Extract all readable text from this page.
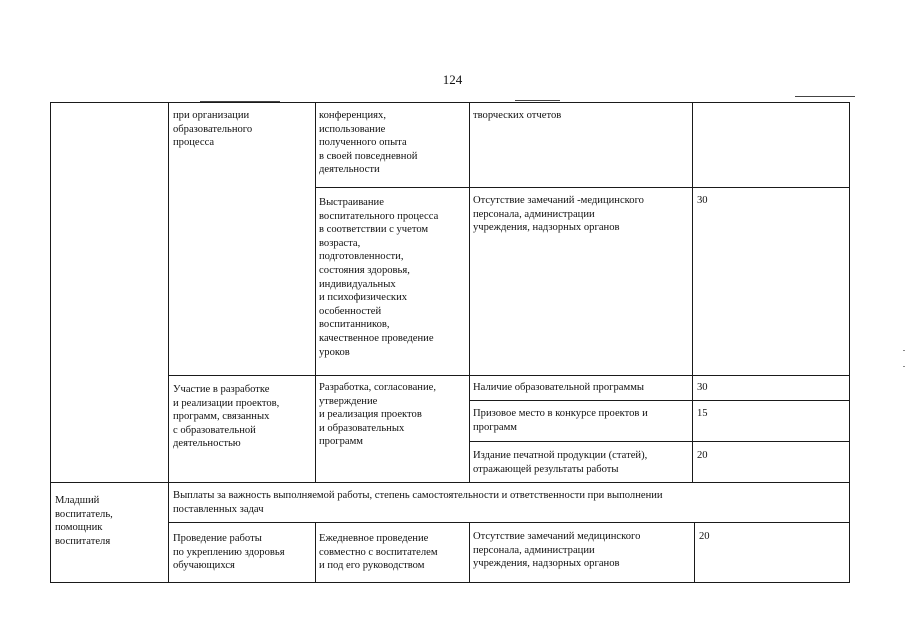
124
при организации
образовательного
процесса
конференциях,
использование
полученного опыта
в своей повседневной
деятельности
творческих отчетов
Выстраивание
воспитательного процесса
в соответствии с учетом
возраста,
подготовленности,
состояния здоровья,
индивидуальных
и психофизических
особенностей
воспитанников,
качественное проведение
уроков
Отсутствие замечаний -медицинского
персонала, администрации
учреждения, надзорных органов
30
Участие в разработке
и реализации проектов,
программ, связанных
с образовательной
деятельностью
Разработка, согласование,
утверждение
и реализация проектов
и образовательных
программ
Наличие образовательной программы	30
Призовое место в конкурсе проектов и
программ
15
Издание печатной продукции (статей),
отражающей результаты работы
20
Младший
воспитатель,
помощник
воспитателя
Выплаты за важность выполняемой работы, степень самостоятельности и ответственности при выполнении
поставленных задач
Проведение работы
по укреплению здоровья
обучающихся
Ежедневное проведение
совместно с воспитателем
и под его руководством
Отсутствие замечаний медицинского
персонала, администрации
учреждения, надзорных органов
20
